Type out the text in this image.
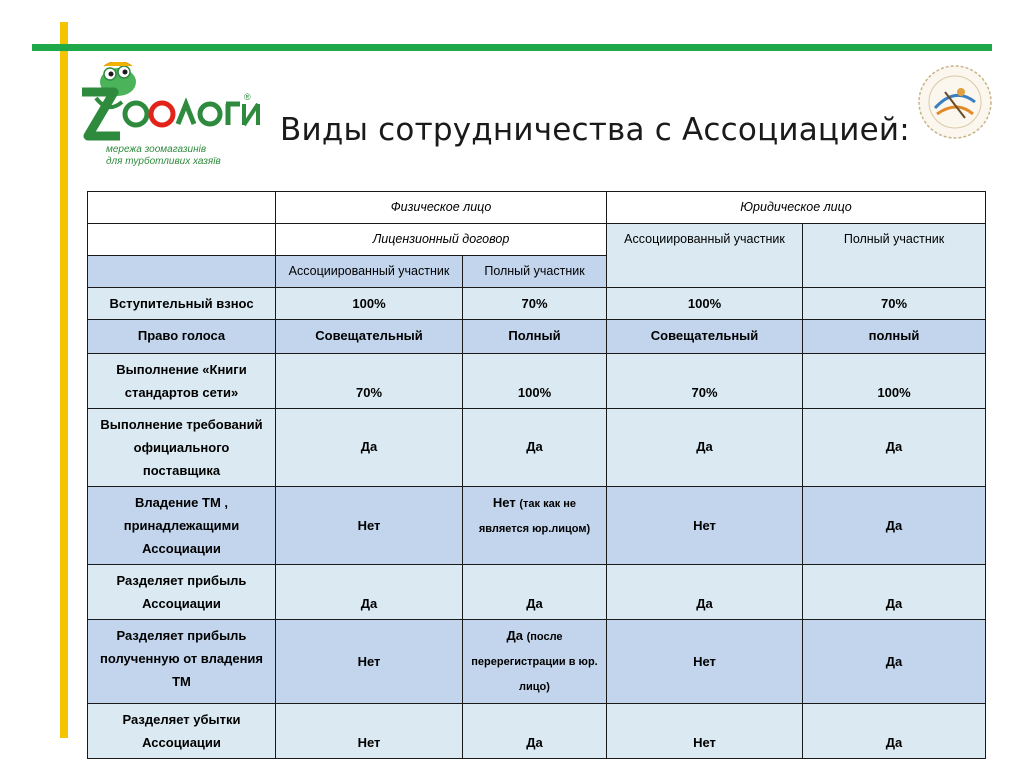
®
мережа зоомагазинів
для турботливих хазяїв
Виды сотрудничества с Ассоциацией:
	Физическое лицо		Юридическое лицо	
	Лицензионный договор		Ассоциированный участник	Полный участник
	Ассоциированный участник	Полный участник		
Вступительный взнос	100%	70%	100%	70%
Право голоса	Совещательный	Полный	Совещательный	полный
Выполнение «Книги стандартов сети»	70%	100%	70%	100%
Выполнение требований официального поставщика	Да	Да	Да	Да
Владение ТМ , принадлежащими Ассоциации	Нет	Нет (так как не является юр.лицом)	Нет	Да
Разделяет прибыль Ассоциации	Да	Да	Да	Да
Разделяет прибыль полученную от владения ТМ	Нет	Да (после перерегистрации в юр. лицо)	Нет	Да
Разделяет убытки Ассоциации	Нет	Да	Нет	Да
